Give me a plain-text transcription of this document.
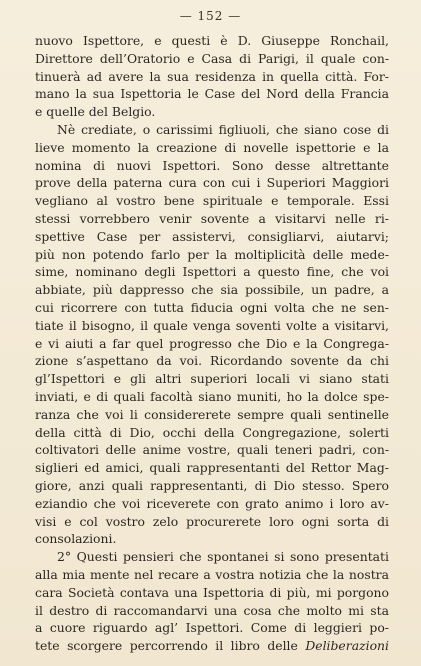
— 152 —
nuovo Ispettore, e questi è D. Giuseppe Ronchail,
Direttore dell’Oratorio e Casa di Parigi, il quale con-
tinuerà ad avere la sua residenza in quella città. For-
mano la sua Ispettoria le Case del Nord della Francia
e quelle del Belgio.
Nè crediate, o carissimi figliuoli, che siano cose di
lieve momento la creazione di novelle ispettorie e la
nomina di nuovi Ispettori. Sono desse altrettante
prove della paterna cura con cui i Superiori Maggiori
vegliano al vostro bene spirituale e temporale. Essi
stessi vorrebbero venir sovente a visitarvi nelle ri-
spettive Case per assistervi, consigliarvi, aiutarvi;
più non potendo farlo per la moltiplicità delle mede-
sime, nominano degli Ispettori a questo fine, che voi
abbiate, più dappresso che sia possibile, un padre, a
cui ricorrere con tutta fiducia ogni volta che ne sen-
tiate il bisogno, il quale venga soventi volte a visitarvi,
e vi aiuti a far quel progresso che Dio e la Congrega-
zione s’aspettano da voi. Ricordando sovente da chi
gl’Ispettori e gli altri superiori locali vi siano stati
inviati, e di quali facoltà siano muniti, ho la dolce spe-
ranza che voi li considererete sempre quali sentinelle
della città di Dio, occhi della Congregazione, solerti
coltivatori delle anime vostre, quali teneri padri, con-
siglieri ed amici, quali rappresentanti del Rettor Mag-
giore, anzi quali rappresentanti, di Dio stesso. Spero
eziandio che voi riceverete con grato animo i loro av-
visi e col vostro zelo procurerete loro ogni sorta di
consolazioni.
2° Questi pensieri che spontanei si sono presentati
alla mia mente nel recare a vostra notizia che la nostra
cara Società contava una Ispettoria di più, mi porgono
il destro di raccomandarvi una cosa che molto mi sta
a cuore riguardo agl’ Ispettori. Come di leggieri po-
tete scorgere percorrendo il libro delle Deliberazioni
